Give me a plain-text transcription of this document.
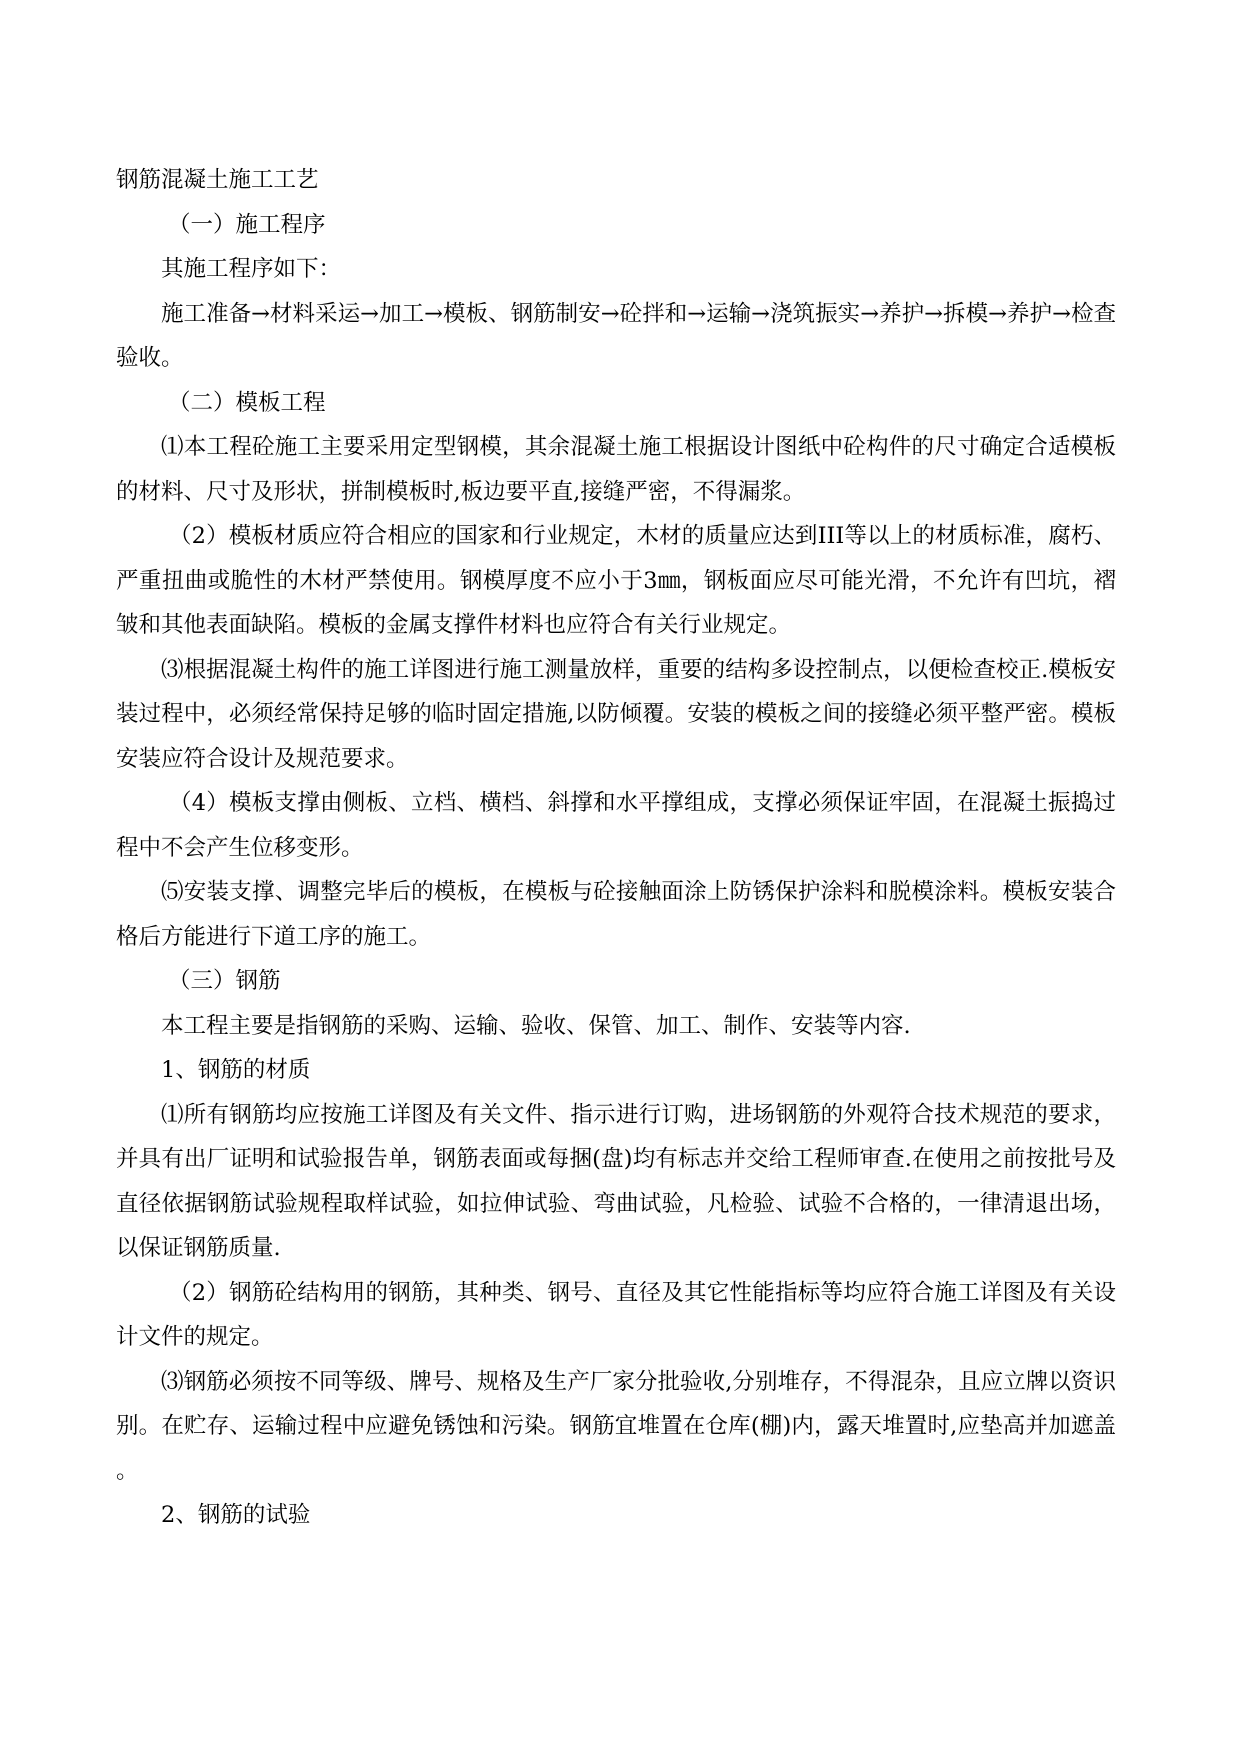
钢筋混凝土施工工艺

（一）施工程序

其施工程序如下：

施工准备→材料采运→加工→模板、钢筋制安→砼拌和→运输→浇筑振实→养护→拆模→养护→检查验收。

（二）模板工程

⑴本工程砼施工主要采用定型钢模，其余混凝土施工根据设计图纸中砼构件的尺寸确定合适模板的材料、尺寸及形状，拼制模板时,板边要平直,接缝严密，不得漏浆。

（2）模板材质应符合相应的国家和行业规定，木材的质量应达到III等以上的材质标准，腐朽、严重扭曲或脆性的木材严禁使用。钢模厚度不应小于3㎜，钢板面应尽可能光滑，不允许有凹坑，褶皱和其他表面缺陷。模板的金属支撑件材料也应符合有关行业规定。

⑶根据混凝土构件的施工详图进行施工测量放样，重要的结构多设控制点，以便检查校正.模板安装过程中，必须经常保持足够的临时固定措施,以防倾覆。安装的模板之间的接缝必须平整严密。模板安装应符合设计及规范要求。

（4）模板支撑由侧板、立档、横档、斜撑和水平撑组成，支撑必须保证牢固，在混凝土振捣过程中不会产生位移变形。

⑸安装支撑、调整完毕后的模板，在模板与砼接触面涂上防锈保护涂料和脱模涂料。模板安装合格后方能进行下道工序的施工。

（三）钢筋

本工程主要是指钢筋的采购、运输、验收、保管、加工、制作、安装等内容.

1、钢筋的材质

⑴所有钢筋均应按施工详图及有关文件、指示进行订购，进场钢筋的外观符合技术规范的要求，并具有出厂证明和试验报告单，钢筋表面或每捆(盘)均有标志并交给工程师审查.在使用之前按批号及直径依据钢筋试验规程取样试验，如拉伸试验、弯曲试验，凡检验、试验不合格的，一律清退出场，以保证钢筋质量.

（2）钢筋砼结构用的钢筋，其种类、钢号、直径及其它性能指标等均应符合施工详图及有关设计文件的规定。

⑶钢筋必须按不同等级、牌号、规格及生产厂家分批验收,分别堆存，不得混杂，且应立牌以资识别。在贮存、运输过程中应避免锈蚀和污染。钢筋宜堆置在仓库(棚)内，露天堆置时,应垫高并加遮盖。

2、钢筋的试验
